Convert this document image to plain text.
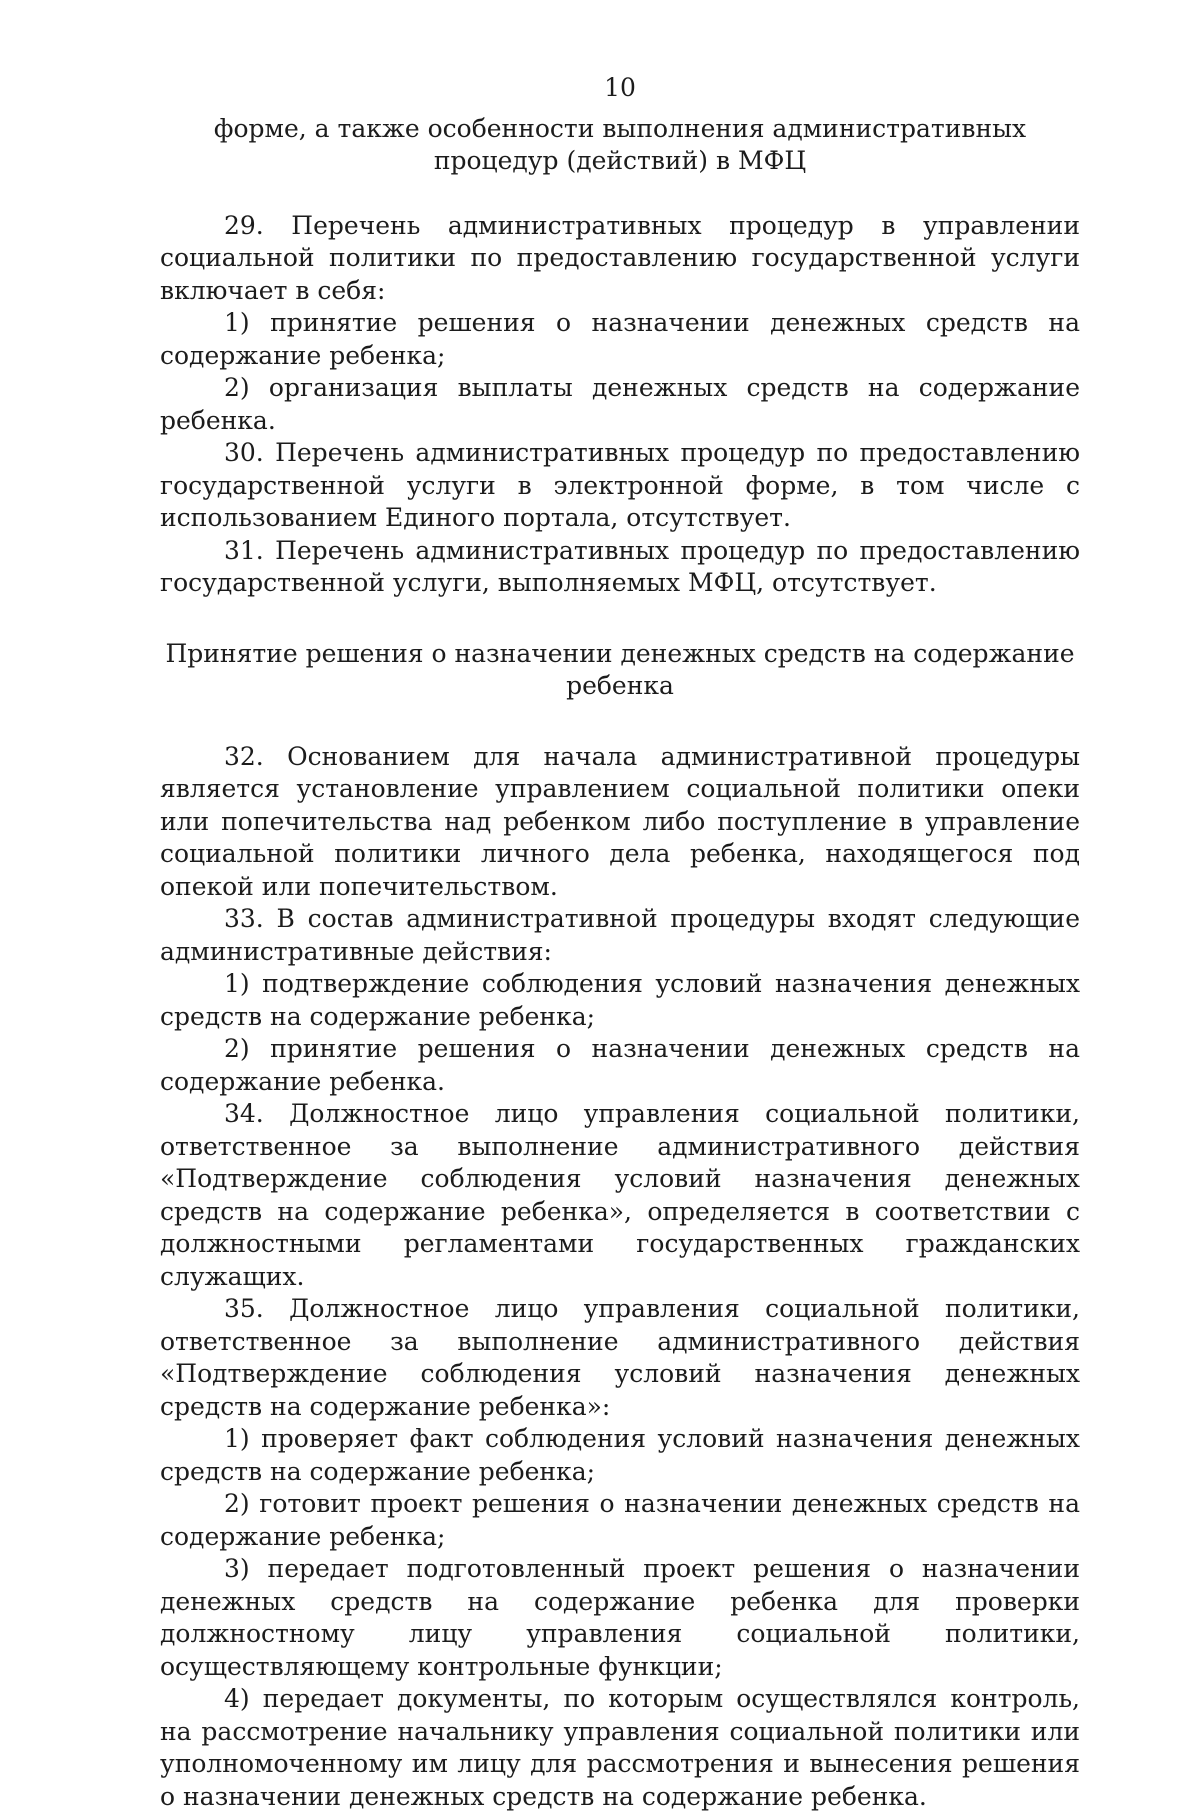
10
форме, а также особенности выполнения административных процедур (действий) в МФЦ

29. Перечень административных процедур в управлении социальной политики по предоставлению государственной услуги включает в себя:

1) принятие решения о назначении денежных средств на содержание ребенка;

2) организация выплаты денежных средств на содержание ребенка.

30. Перечень административных процедур по предоставлению государственной услуги в электронной форме, в том числе с использованием Единого портала, отсутствует.

31. Перечень административных процедур по предоставлению государственной услуги, выполняемых МФЦ, отсутствует.

Принятие решения о назначении денежных средств на содержание ребенка

32. Основанием для начала административной процедуры является установление управлением социальной политики опеки или попечительства над ребенком либо поступление в управление социальной политики личного дела ребенка, находящегося под опекой или попечительством.

33. В состав административной процедуры входят следующие административные действия:

1) подтверждение соблюдения условий назначения денежных средств на содержание ребенка;

2) принятие решения о назначении денежных средств на содержание ребенка.

34. Должностное лицо управления социальной политики, ответственное за выполнение административного действия «Подтверждение соблюдения условий назначения денежных средств на содержание ребенка», определяется в соответствии с должностными регламентами государственных гражданских служащих.

35. Должностное лицо управления социальной политики, ответственное за выполнение административного действия «Подтверждение соблюдения условий назначения денежных средств на содержание ребенка»:

1) проверяет факт соблюдения условий назначения денежных средств на содержание ребенка;

2) готовит проект решения о назначении денежных средств на содержание ребенка;

3) передает подготовленный проект решения о назначении денежных средств на содержание ребенка для проверки должностному лицу управления социальной политики, осуществляющему контрольные функции;

4) передает документы, по которым осуществлялся контроль, на рассмотрение начальнику управления социальной политики или уполномоченному им лицу для рассмотрения и вынесения решения о назначении денежных средств на содержание ребенка.
